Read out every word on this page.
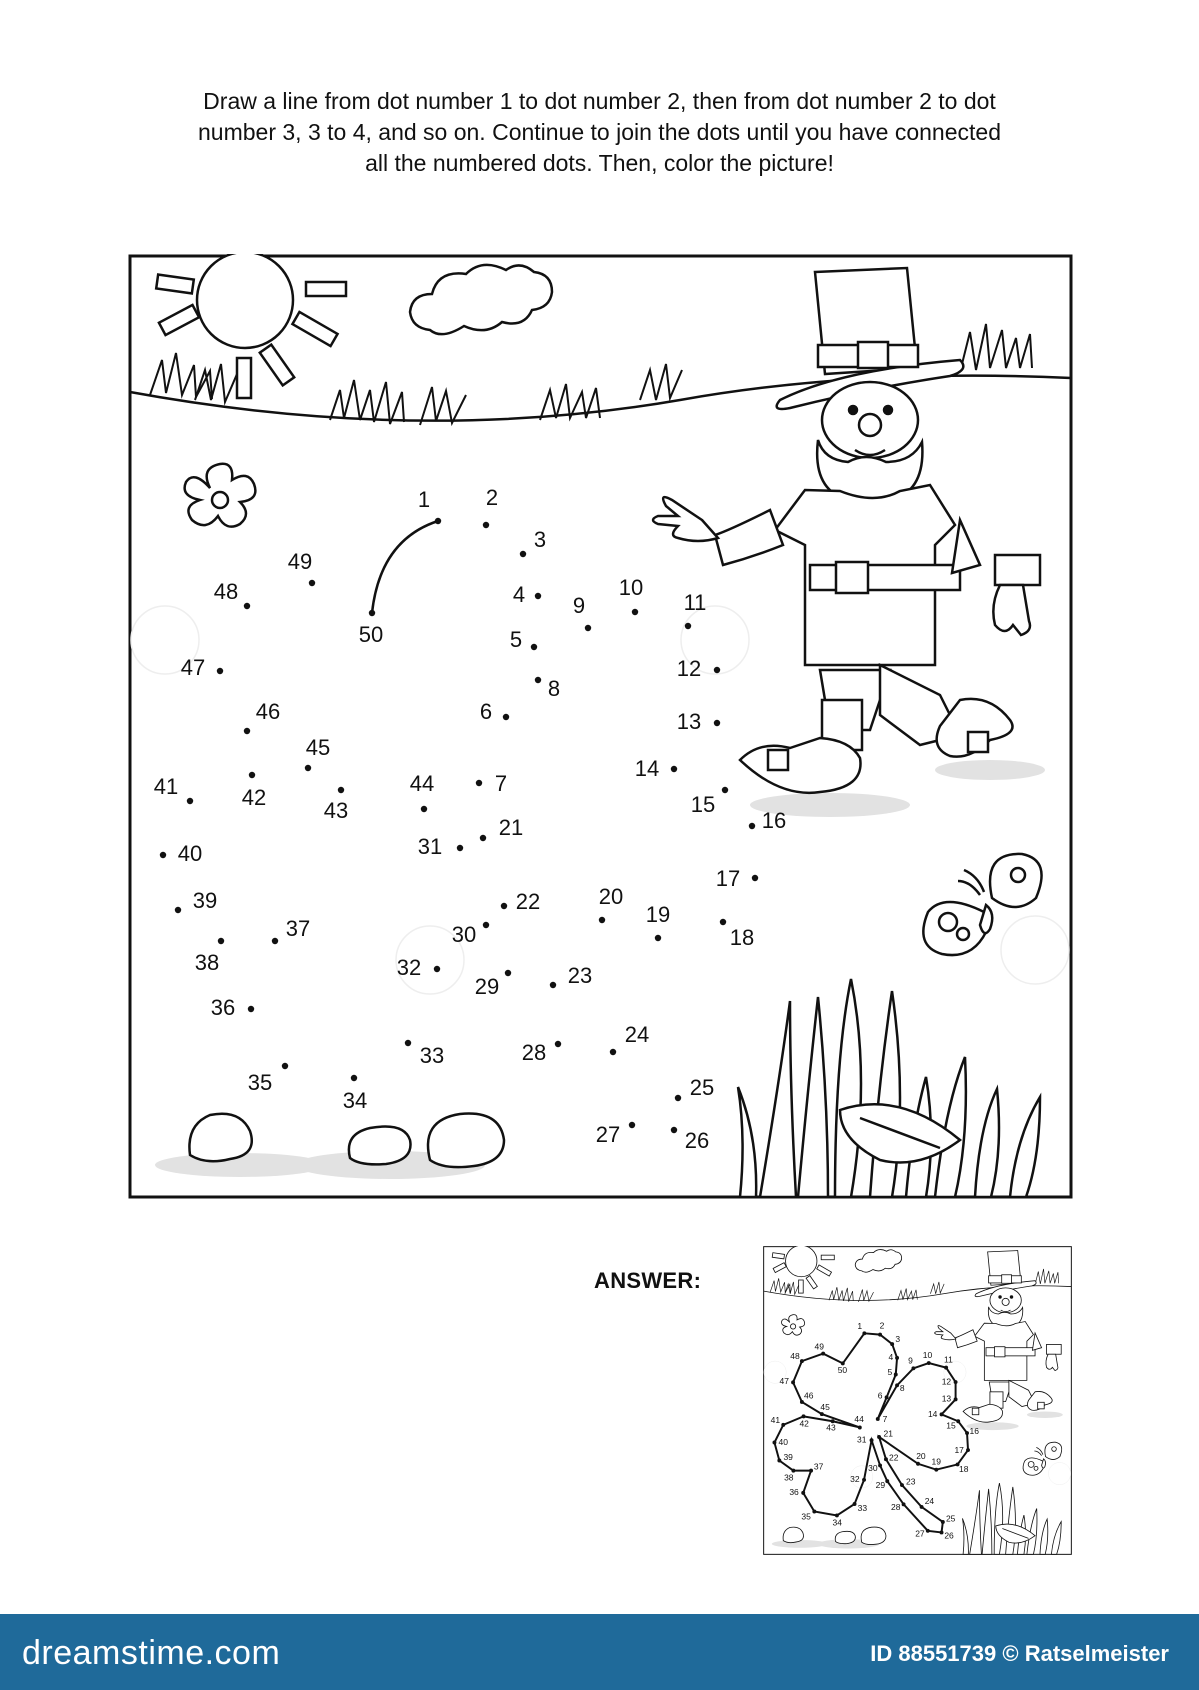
Draw a line from dot number 1 to dot number 2, then from dot number 2 to dot
number 3, 3 to 4, and so on. Continue to join the dots until you have connected
all the numbered dots. Then, color the picture!
1	2
3
4
5
6
7
8
9
10
11
12
13
14
15
16
17
18
19
20
21
22
23
24
25
26
27
28
29
30
31
32
33
34
35
36
37
38
39
40
41	42
43
44
45
46
47
48
49
50
ANSWER:
1 2
3
4
5
6
7
8
9
10 11
12
13
14
15
16
17
18
19
20
21
22
23
24
25
26
27
28
29
30
31
32
33
34
35
36
37
38
39
40
41 42 43
44
45
46
47
48
49
50
dreamstime.com	ID 88551739 © Ratselmeister
